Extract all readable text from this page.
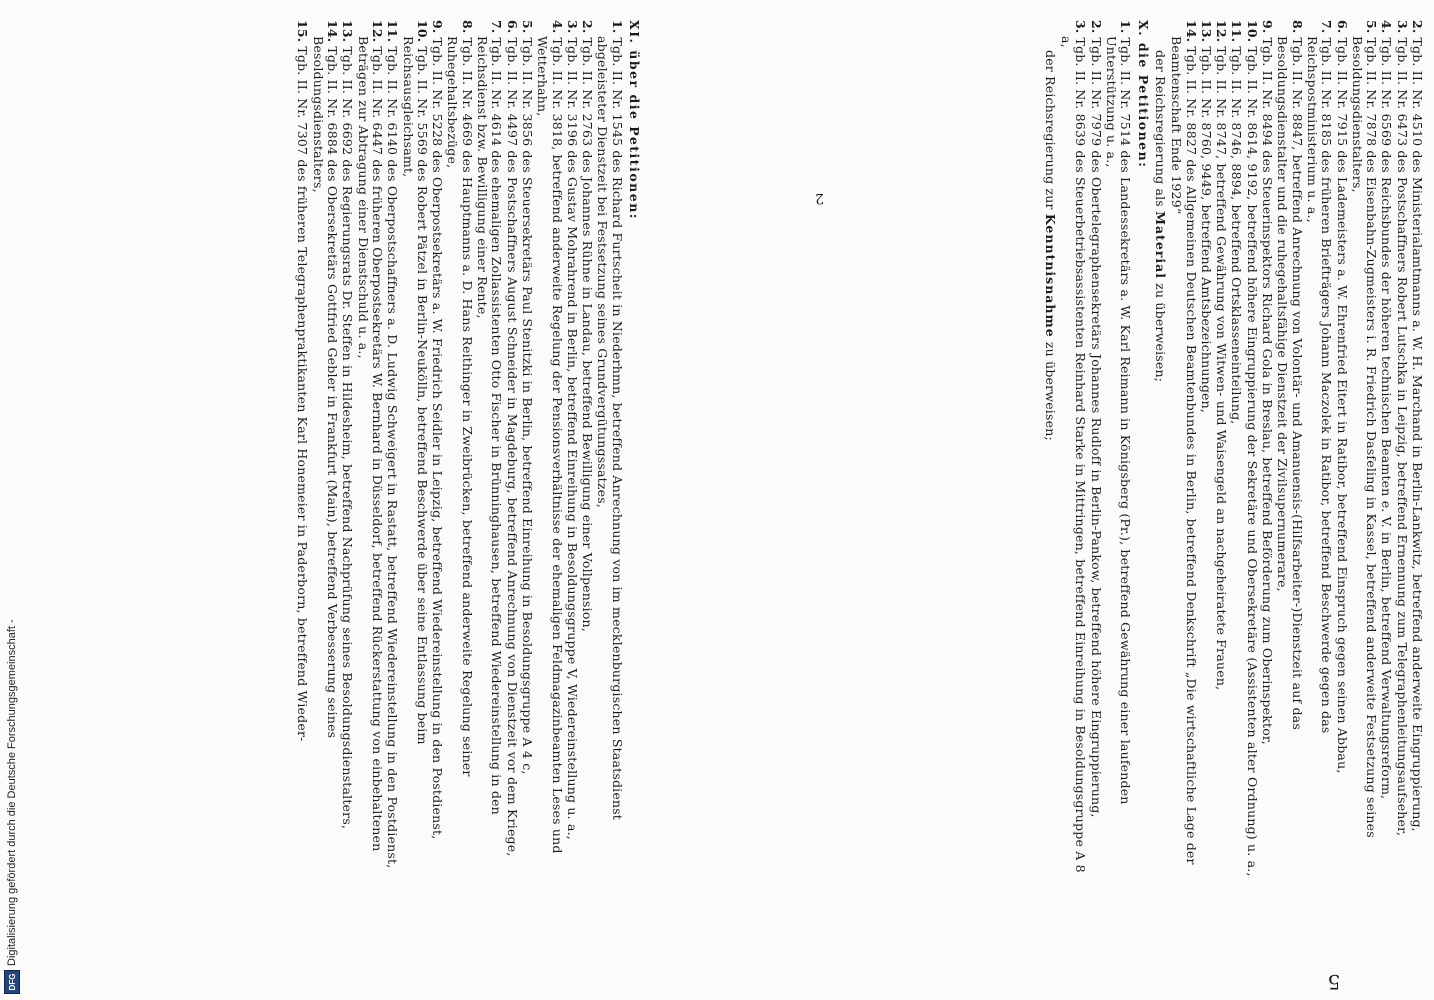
5
2.Tgb. II. Nr. 4510 des Ministerialamtmanns a. W. H. Marchand in Berlin-Lankwitz, betreffend anderweite Eingruppierung,
3.Tgb. II. Nr. 6473 des Postschaffners Robert Lutschka in Leipzig, betreffend Ernennung zum Telegraphenleitungsaufseher,
4.Tgb. II. Nr. 6569 des Reichsbundes der höheren technischen Beamten e. V. in Berlin, betreffend Verwaltungsreform,
5.Tgb. II. Nr. 7878 des Eisenbahn-Zugmeisters i. R. Friedrich Dasfeling in Kassel, betreffend anderweite Festsetzung seines Besoldungsdienstalters,
6.Tgb. II. Nr. 7915 des Lademeisters a. W. Ehrenfried Eitert in Ratibor, betreffend Einspruch gegen seinen Abbau,
7.Tgb. II. Nr. 8185 des früheren Briefträgers Johann Maczolek in Ratibor, betreffend Beschwerde gegen das Reichspostministerium u. a.,
8.Tgb. II. Nr. 8847, betreffend Anrechnung von Volontär- und Amanuensis-(Hilfsarbeiter-)Dienstzeit auf das Besoldungsdienstalter und die ruhegehaltsfähige Dienstzeit der Zivilsupernumerare,
9.Tgb. II. Nr. 8494 des Steuerinspektors Richard Gola in Breslau, betreffend Beförderung zum Oberinspektor,
10.Tgb. II. Nr. 8614, 9192, betreffend höhere Eingruppierung der Sekretäre und Obersekretäre (Assistenten alter Ordnung) u. a.,
11.Tgb. II. Nr. 8746, 8894, betreffend Ortsklasseneinteilung,
12.Tgb. II. Nr. 8747, betreffend Gewährung von Witwen- und Waisengeld an nachgeheiratete Frauen,
13.Tgb. II. Nr. 8760, 9449, betreffend Amtsbezeichnungen,
14.Tgb. II. Nr. 8827 des Allgemeinen Deutschen Beamtenbundes in Berlin, betreffend Denkschrift „Die wirtschaftliche Lage der Beamtenschaft Ende 1929“
der Reichsregierung als Material zu überweisen;
X. die Petitionen:
1.Tgb. II. Nr. 7514 des Landessekretärs a. W. Karl Reimann in Königsberg (Pr.), betreffend Gewährung einer laufenden Unterstützung u. a.,
2.Tgb. II. Nr. 7979 des Obertelegraphensekretärs Johannes Rudloff in Berlin-Pankow, betreffend höhere Eingruppierung,
3.Tgb. II. Nr. 8639 des Steuerbetriebsassistenten Reinhard Starke in Mittringen, betreffend Einreihung in Besoldungsgruppe A 8 a,
der Reichsregierung zur Kenntnisnahme zu überweisen;
XI. über die Petitionen:
1.Tgb. II. Nr. 1545 des Richard Furtscheit in Niederhmn, betreffend Anrechnung von im mecklenburgischen Staatsdienst abgeleisteter Dienstzeit bei Festsetzung seines Grundvergütungssatzes,
2.Tgb. II. Nr. 2763 des Johannes Rühne in Landau, betreffend Bewilligung einer Vollpension,
3.Tgb. II. Nr. 3196 des Gustav Mohrahrend in Berlin, betreffend Einreihung in Besoldungsgruppe V, Wiedereinstellung u. a.,
4.Tgb. II. Nr. 3818, betreffend anderweite Regelung der Pensionsverhältnisse der ehemaligen Feldmagazinbeamten Leses und Wetterhahn,
5.Tgb. II. Nr. 3856 des Steuersekretärs Paul Stenitzki in Berlin, betreffend Einreihung in Besoldungsgruppe A 4 c,
6.Tgb. II. Nr. 4497 des Postschaffners August Schneider in Magdeburg, betreffend Anrechnung von Dienstzeit vor dem Kriege,
7.Tgb. II. Nr. 4614 des ehemaligen Zollassistenten Otto Fischer in Brünninghausen, betreffend Wiedereinstellung in den Reichsdienst bzw. Bewilligung einer Rente,
8.Tgb. II. Nr. 4669 des Hauptmanns a. D. Hans Reithinger in Zweibrücken, betreffend anderweite Regelung seiner Ruhegehaltsbezüge,
9.Tgb. II. Nr. 5228 des Oberpostsekretärs a. W. Friedrich Seidler in Leipzig, betreffend Wiedereinstellung in den Postdienst,
10.Tgb. II. Nr. 5569 des Robert Pätzel in Berlin-Neukölln, betreffend Beschwerde über seine Entlassung beim Reichsausgleichsamt,
11.Tgb. II. Nr. 6140 des Oberpostschaffners a. D. Ludwig Schweigert in Rastatt, betreffend Wiedereinstellung in den Postdienst,
12.Tgb. II. Nr. 6447 des früheren Oberpostsekretärs W. Bernhard in Düsseldorf, betreffend Rückerstattung von einbehaltenen Beträgen zur Abtragung einer Dienstschuld u. a.,
13.Tgb. II. Nr. 6692 des Regierungsrats Dr. Steffen in Hildesheim, betreffend Nachprüfung seines Besoldungsdienstalters,
14.Tgb. II. Nr. 6884 des Obersekretärs Gottfried Gebler in Frankfurt (Main), betreffend Verbesserung seines Besoldungsdienstalters,
15.Tgb. II. Nr. 7307 des früheren Telegraphenpraktikanten Karl Honemeier in Paderborn, betreffend Wieder-	2
DFG
Digitalisierung gefördert durch die Deutsche Forschungsgemeinschaft -
